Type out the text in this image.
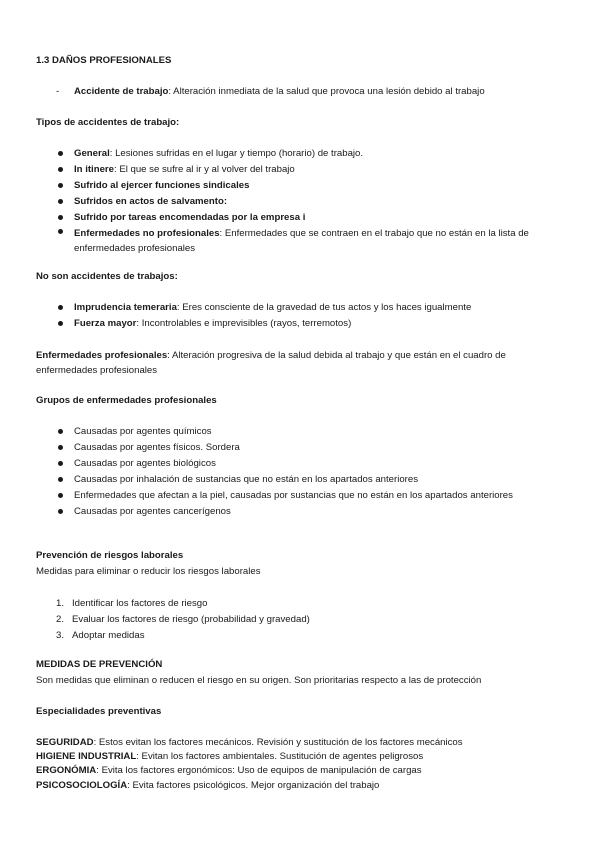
1.3 DAÑOS PROFESIONALES
- Accidente de trabajo: Alteración inmediata de la salud que provoca una lesión debido al trabajo
Tipos de accidentes de trabajo:
General: Lesiones sufridas en el lugar y tiempo (horario) de trabajo.
In itinere: El que se sufre al ir y al volver del trabajo
Sufrido al ejercer funciones sindicales
Sufridos en actos de salvamento:
Sufrido por tareas encomendadas por la empresa i
Enfermedades no profesionales: Enfermedades que se contraen en el trabajo que no están en la lista de enfermedades profesionales
No son accidentes de trabajos:
Imprudencia temeraria: Eres consciente de la gravedad de tus actos y los haces igualmente
Fuerza mayor: Incontrolables e imprevisibles (rayos, terremotos)
Enfermedades profesionales: Alteración progresiva de la salud debida al trabajo y que están en el cuadro de enfermedades profesionales
Grupos de enfermedades profesionales
Causadas por agentes químicos
Causadas por agentes físicos. Sordera
Causadas por agentes biológicos
Causadas por inhalación de sustancias que no están en los apartados anteriores
Enfermedades que afectan a la piel, causadas por sustancias que no están en los apartados anteriores
Causadas por agentes cancerígenos
Prevención de riesgos laborales
Medidas para eliminar o reducir los riesgos laborales
1. Identificar los factores de riesgo
2. Evaluar los factores de riesgo (probabilidad y gravedad)
3. Adoptar medidas
MEDIDAS DE PREVENCIÓN
Son medidas que eliminan o reducen el riesgo en su origen. Son prioritarias respecto a las de protección
Especialidades preventivas
SEGURIDAD: Estos evitan los factores mecánicos. Revisión y sustitución de los factores mecánicos
HIGIENE INDUSTRIAL: Evitan los factores ambientales. Sustitución de agentes peligrosos
ERGONÓMIA: Evita los factores ergonómicos: Uso de equipos de manipulación de cargas
PSICOSOCIOLOGÍA: Evita factores psicológicos. Mejor organización del trabajo
